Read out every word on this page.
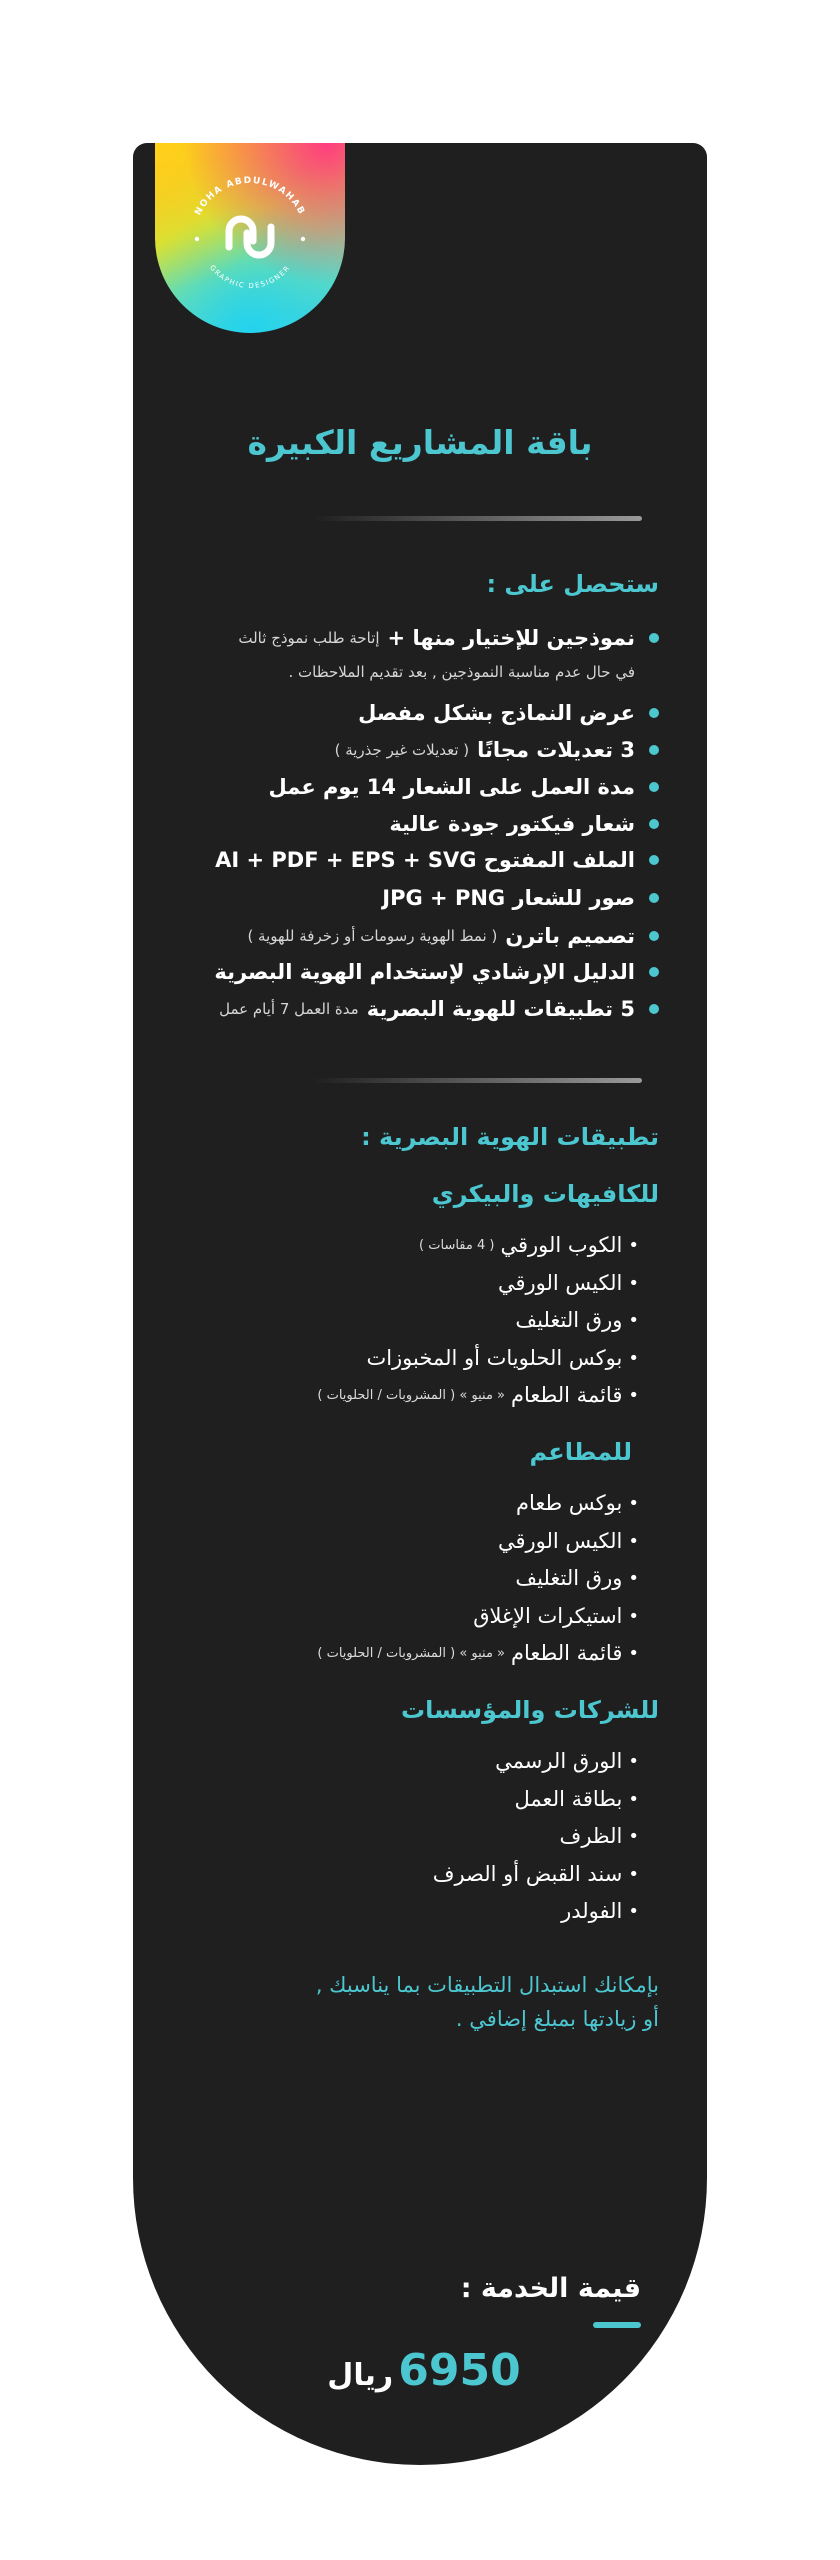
NOHA ABDULWAHAB
GRAPHIC DESIGNER
باقة المشاريع الكبيرة
ستحصل على :
نموذجين للإختيار منها +
إتاحة طلب نموذج ثالث
عرض النماذج بشكل مفصل
3 تعديلات مجانًا
( تعديلات غير جذرية )
مدة العمل على الشعار 14 يوم عمل
شعار فيكتور جودة عالية
الملف المفتوح AI + PDF + EPS + SVG
صور للشعار JPG + PNG
تصميم باترن
( نمط الهوية رسومات أو زخرفة للهوية )
الدليل الإرشادي لإستخدام الهوية البصرية
5 تطبيقات للهوية البصرية
مدة العمل 7 أيام عمل
في حال عدم مناسبة النموذجين , بعد تقديم الملاحظات .
تطبيقات الهوية البصرية :
للكافيهات والبيكري
•
الكوب الورقي
( 4 مقاسات )
•
الكيس الورقي
•
ورق التغليف
•
بوكس الحلويات أو المخبوزات
•
قائمة الطعام
« منيو » ( المشروبات / الحلويات )
للمطاعم
•
بوكس طعام
•
الكيس الورقي
•
ورق التغليف
•
استيكرات الإغلاق
•
قائمة الطعام
« منيو » ( المشروبات / الحلويات )
للشركات والمؤسسات
•
الورق الرسمي
•
بطاقة العمل
•
الظرف
•
سند القبض أو الصرف
•
الفولدر
بإمكانك استبدال التطبيقات بما يناسبك ,
أو زيادتها بمبلغ إضافي .
قيمة الخدمة :
6950 ريال
